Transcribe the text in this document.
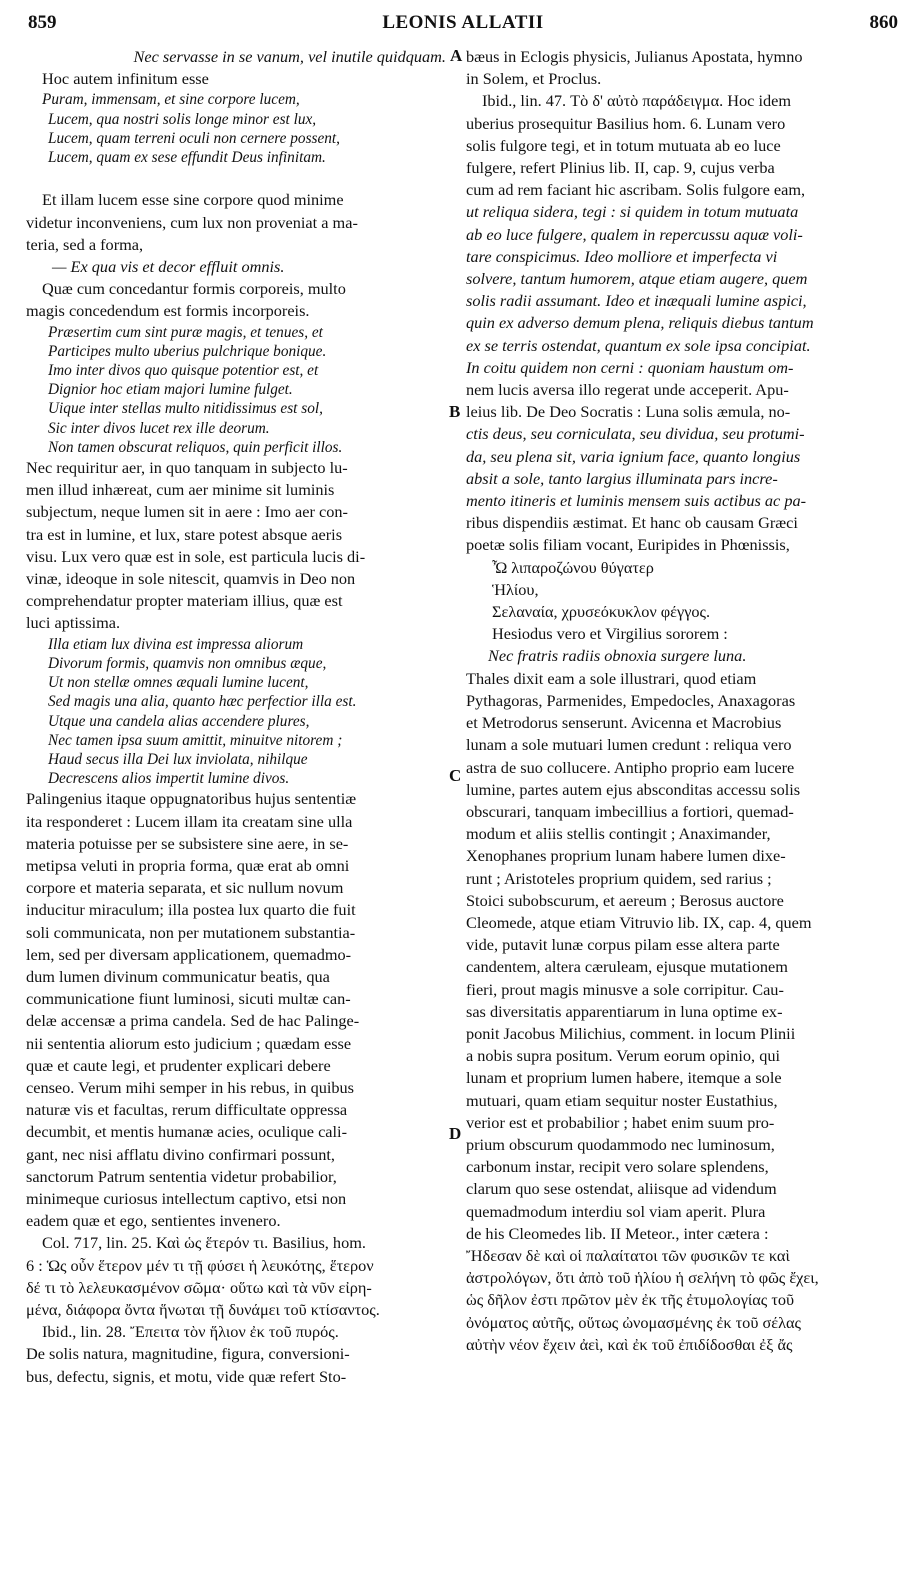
859	LEONIS ALLATII	860
Nec servasse in se vanum, vel inutile quidquam.
Hoc autem infinitum esse
Puram, immensam, et sine corpore lucem,
Lucem, qua nostri solis longe minor est lux,
Lucem, quam terreni oculi non cernere possent,
Lucem, quam ex sese effundit Deus infinitam.

Et illam lucem esse sine corpore quod minime
videtur inconveniens, cum lux non proveniat a ma-
teria, sed a forma,
— Ex qua vis et decor effluit omnis.
Quæ cum concedantur formis corporeis, multo
magis concedendum est formis incorporeis.
Præsertim cum sint puræ magis, et tenues, et
Participes multo uberius pulchrique bonique.
Imo inter divos quo quisque potentior est, et
Dignior hoc etiam majori lumine fulget.
Uique inter stellas multo nitidissimus est sol,
Sic inter divos lucet rex ille deorum.
Non tamen obscurat reliquos, quin perficit illos.
Nec requiritur aer, in quo tanquam in subjecto lu-
men illud inhæreat, cum aer minime sit luminis
subjectum, neque lumen sit in aere : Imo aer con-
tra est in lumine, et lux, stare potest absque aeris
visu. Lux vero quæ est in sole, est particula lucis di-
vinæ, ideoque in sole nitescit, quamvis in Deo non
comprehendatur propter materiam illius, quæ est
luci aptissima.
Illa etiam lux divina est impressa aliorum
Divorum formis, quamvis non omnibus æque,
Ut non stellæ omnes æquali lumine lucent,
Sed magis una alia, quanto hæc perfectior illa est.
Utque una candela alias accendere plures,
Nec tamen ipsa suum amittit, minuitve nitorem ;
Haud secus illa Dei lux inviolata, nihilque
Decrescens alios impertit lumine divos.
Palingenius itaque oppugnatoribus hujus sententiæ
ita responderet : Lucem illam ita creatam sine ulla
materia potuisse per se subsistere sine aere, in se-
metipsa veluti in propria forma, quæ erat ab omni
corpore et materia separata, et sic nullum novum
inducitur miraculum; illa postea lux quarto die fuit
soli communicata, non per mutationem substantia-
lem, sed per diversam applicationem, quemadmo-
dum lumen divinum communicatur beatis, qua
communicatione fiunt luminosi, sicuti multæ can-
delæ accensæ a prima candela. Sed de hac Palinge-
nii sententia aliorum esto judicium ; quædam esse
quæ et caute legi, et prudenter explicari debere
censeo. Verum mihi semper in his rebus, in quibus
naturæ vis et facultas, rerum difficultate oppressa
decumbit, et mentis humanæ acies, oculique cali-
gant, nec nisi afflatu divino confirmari possunt,
sanctorum Patrum sententia videtur probabilior,
minimeque curiosus intellectum captivo, etsi non
eadem quæ et ego, sentientes invenero.
Col. 717, lin. 25. Καὶ ὡς ἕτερόν τι. Basilius, hom.
6 : Ὡς οὖν ἕτερον μέν τι τῇ φύσει ἡ λευκότης, ἕτερον
δέ τι τὸ λελευκασμένον σῶμα· οὕτω καὶ τὰ νῦν εἰρη-
μένα, διάφορα ὄντα ἥνωται τῇ δυνάμει τοῦ κτίσαντος.
Ibid., lin. 28. Ἔπειτα τὸν ἥλιον ἐκ τοῦ πυρός.
De solis natura, magnitudine, figura, conversioni-
bus, defectu, signis, et motu, vide quæ refert Sto-
bæus in Eclogis physicis, Julianus Apostata, hymno
in Solem, et Proclus.
Ibid., lin. 47. Τὸ δ' αὐτὸ παράδειγμα. Hoc idem
uberius prosequitur Basilius hom. 6. Lunam vero
solis fulgore tegi, et in totum mutuata ab eo luce
fulgere, refert Plinius lib. II, cap. 9, cujus verba
cum ad rem faciant hic ascribam. Solis fulgore eam,
ut reliqua sidera, tegi : si quidem in totum mutuata
ab eo luce fulgere, qualem in repercussu aquæ voli-
tare conspicimus. Ideo molliore et imperfecta vi
solvere, tantum humorem, atque etiam augere, quem
solis radii assumant. Ideo et inæquali lumine aspici,
quin ex adverso demum plena, reliquis diebus tantum
ex se terris ostendat, quantum ex sole ipsa concipiat.
In coitu quidem non cerni : quoniam haustum om-
nem lucis aversa illo regerat unde acceperit. Apu-
leius lib. De Deo Socratis : Luna solis æmula, no-
ctis deus, seu corniculata, seu dividua, seu protumi-
da, seu plena sit, varia ignium face, quanto longius
absit a sole, tanto largius illuminata pars incre-
mento itineris et luminis mensem suis actibus ac pa-
ribus dispendiis æstimat. Et hanc ob causam Græci
poetæ solis filiam vocant, Euripides in Phœnissis,
Ὦ λιπαροζώνου θύγατερ
Ἡλίου,
Σελαναία, χρυσεόκυκλον φέγγος.
Hesiodus vero et Virgilius sororem :
Nec fratris radiis obnoxia surgere luna.
Thales dixit eam a sole illustrari, quod etiam
Pythagoras, Parmenides, Empedocles, Anaxagoras
et Metrodorus senserunt. Avicenna et Macrobius
lunam a sole mutuari lumen credunt : reliqua vero
astra de suo collucere. Antipho proprio eam lucere
lumine, partes autem ejus absconditas accessu solis
obscurari, tanquam imbecillius a fortiori, quemad-
modum et aliis stellis contingit ; Anaximander,
Xenophanes proprium lunam habere lumen dixe-
runt ; Aristoteles proprium quidem, sed rarius ;
Stoici subobscurum, et aereum ; Berosus auctore
Cleomede, atque etiam Vitruvio lib. IX, cap. 4, quem
vide, putavit lunæ corpus pilam esse altera parte
candentem, altera cæruleam, ejusque mutationem
fieri, prout magis minusve a sole corripitur. Cau-
sas diversitatis apparentiarum in luna optime ex-
ponit Jacobus Milichius, comment. in locum Plinii
a nobis supra positum. Verum eorum opinio, qui
lunam et proprium lumen habere, itemque a sole
mutuari, quam etiam sequitur noster Eustathius,
verior est et probabilior ; habet enim suum pro-
prium obscurum quodammodo nec luminosum,
carbonum instar, recipit vero solare splendens,
clarum quo sese ostendat, aliisque ad videndum
quemadmodum interdiu sol viam aperit. Plura
de his Cleomedes lib. II Meteor., inter cætera :
Ἤδεσαν δὲ καὶ οἱ παλαίτατοι τῶν φυσικῶν τε καὶ
ἀστρολόγων, ὅτι ἀπὸ τοῦ ἡλίου ἡ σελήνη τὸ φῶς ἔχει,
ὡς δῆλον ἐστι πρῶτον μὲν ἐκ τῆς ἐτυμολογίας τοῦ
ὀνόματος αὐτῆς, οὕτως ὠνομασμένης ἐκ τοῦ σέλας
αὐτὴν νέον ἔχειν ἀεὶ, καὶ ἐκ τοῦ ἐπιδίδοσθαι ἐξ ἄς
A
B
C
D
